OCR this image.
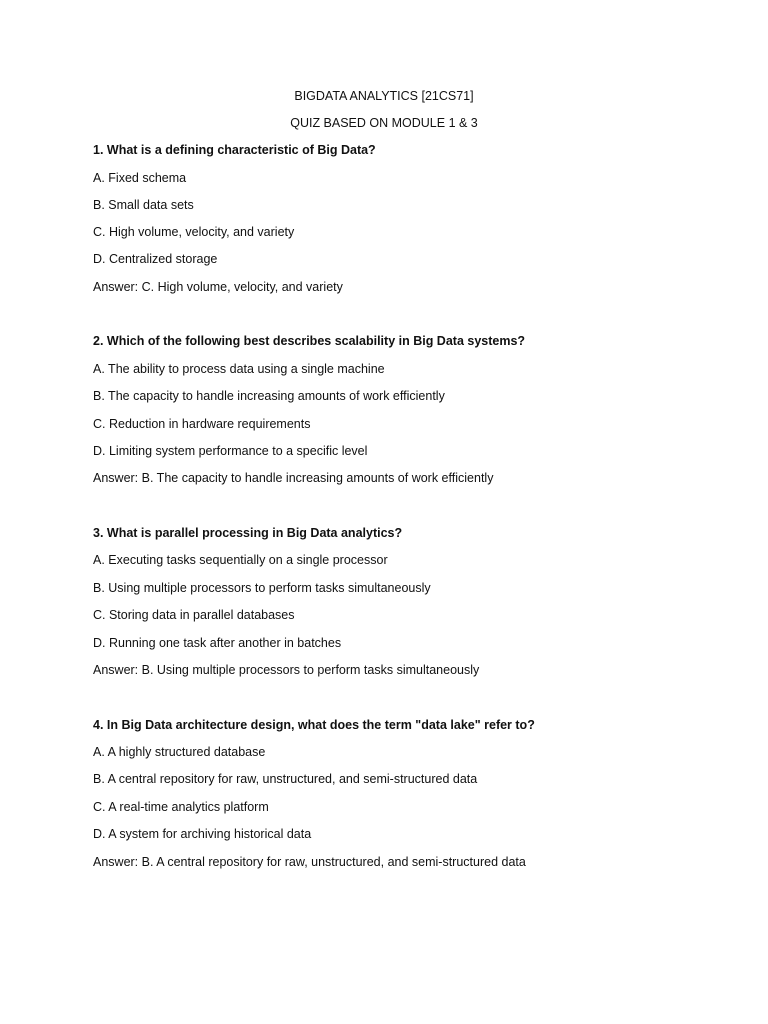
BIGDATA ANALYTICS [21CS71]
QUIZ BASED ON MODULE 1 & 3
1. What is a defining characteristic of Big Data?
A. Fixed schema
B. Small data sets
C. High volume, velocity, and variety
D. Centralized storage
Answer: C. High volume, velocity, and variety
2. Which of the following best describes scalability in Big Data systems?
A. The ability to process data using a single machine
B. The capacity to handle increasing amounts of work efficiently
C. Reduction in hardware requirements
D. Limiting system performance to a specific level
Answer: B. The capacity to handle increasing amounts of work efficiently
3. What is parallel processing in Big Data analytics?
A. Executing tasks sequentially on a single processor
B. Using multiple processors to perform tasks simultaneously
C. Storing data in parallel databases
D. Running one task after another in batches
Answer: B. Using multiple processors to perform tasks simultaneously
4. In Big Data architecture design, what does the term "data lake" refer to?
A. A highly structured database
B. A central repository for raw, unstructured, and semi-structured data
C. A real-time analytics platform
D. A system for archiving historical data
Answer: B. A central repository for raw, unstructured, and semi-structured data
